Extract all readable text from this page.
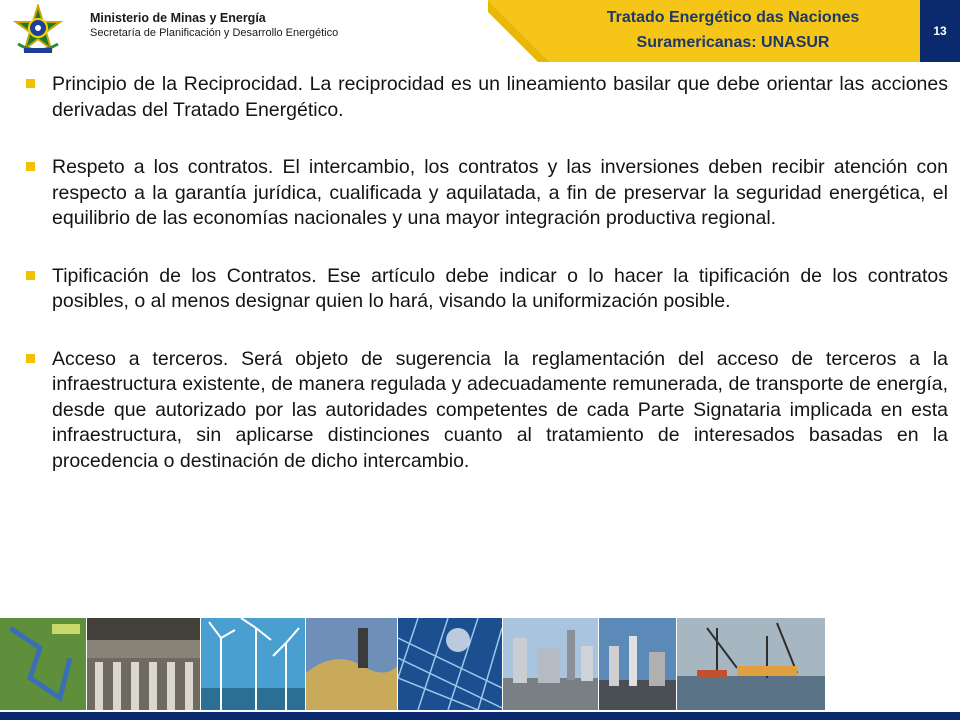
Ministerio de Minas y Energía
Secretaría de Planificación y Desarrollo Energético
Tratado Energético das Naciones
Suramericanas: UNASUR
13
Principio de la Reciprocidad. La reciprocidad es un lineamiento basilar que debe orientar las acciones derivadas del Tratado Energético.
Respeto a los contratos. El intercambio, los contratos y las inversiones deben recibir atención con respecto a la garantía jurídica, cualificada y aquilatada, a fin de preservar la seguridad energética, el equilibrio de las economías nacionales y una mayor integración productiva regional.
Tipificación de los Contratos. Ese artículo debe indicar o lo hacer la tipificación de los contratos posibles, o al menos designar quien lo hará, visando la uniformización posible.
Acceso a terceros. Será objeto de sugerencia la reglamentación del acceso de terceros a la infraestructura existente, de manera regulada y adecuadamente remunerada, de transporte de energía, desde que autorizado por las autoridades competentes de cada Parte Signataria implicada en esta infraestructura, sin aplicarse distinciones cuanto al tratamiento de interesados basadas en la procedencia o destinación de dicho intercambio.
